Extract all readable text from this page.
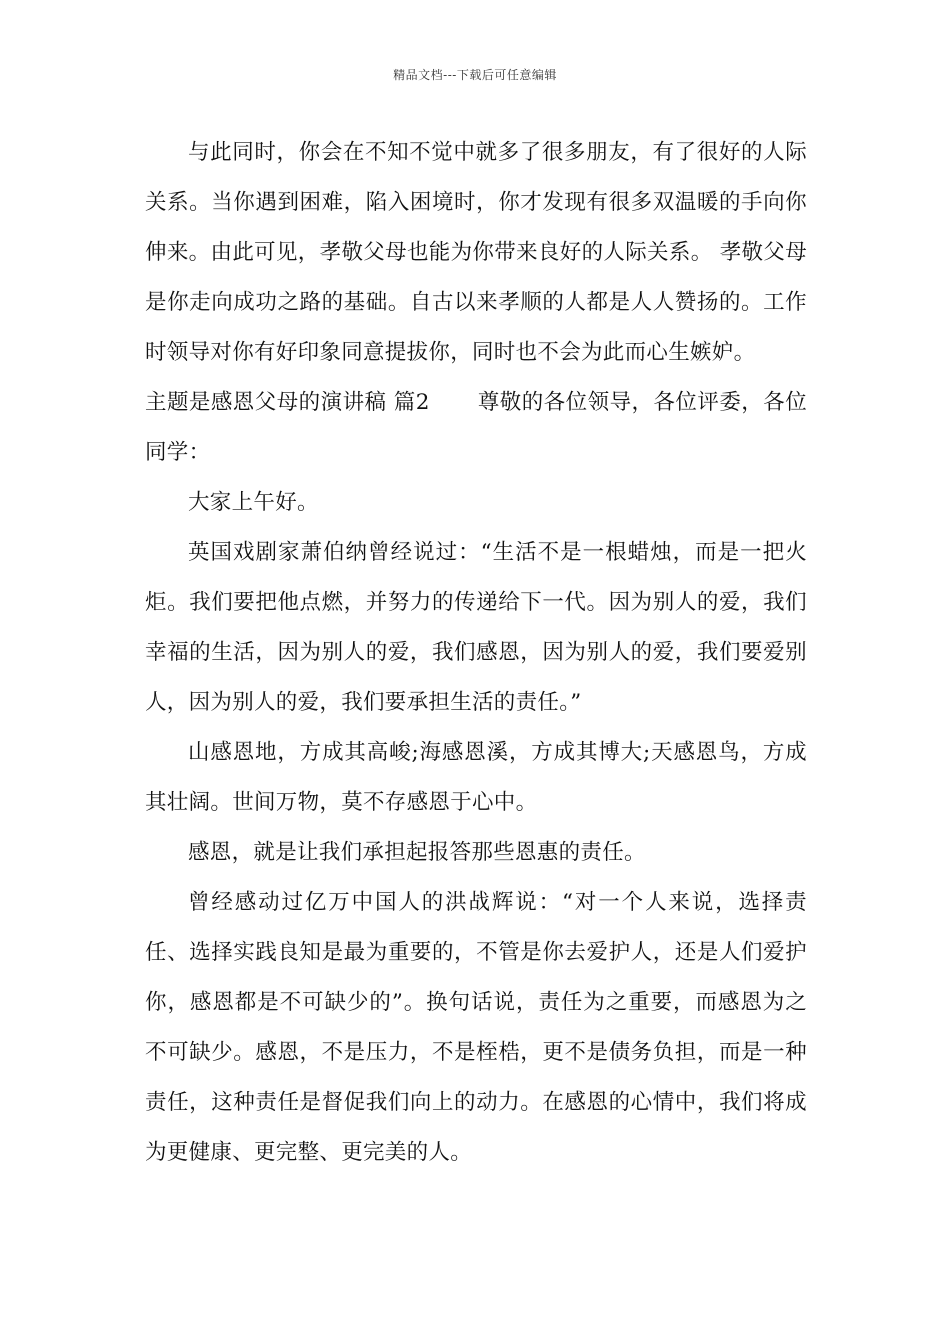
精品文档---下载后可任意编辑

与此同时，你会在不知不觉中就多了很多朋友，有了很好的人际关系。当你遇到困难，陷入困境时，你才发现有很多双温暖的手向你伸来。由此可见，孝敬父母也能为你带来良好的人际关系。 孝敬父母是你走向成功之路的基础。自古以来孝顺的人都是人人赞扬的。工作时领导对你有好印象同意提拔你，同时也不会为此而心生嫉妒。

主题是感恩父母的演讲稿 篇2 尊敬的各位领导，各位评委，各位同学：

大家上午好。

英国戏剧家萧伯纳曾经说过：“生活不是一根蜡烛，而是一把火炬。我们要把他点燃，并努力的传递给下一代。因为别人的爱，我们幸福的生活，因为别人的爱，我们感恩，因为别人的爱，我们要爱别人，因为别人的爱，我们要承担生活的责任。”

山感恩地，方成其高峻;海感恩溪，方成其博大;天感恩鸟，方成其壮阔。世间万物，莫不存感恩于心中。

感恩，就是让我们承担起报答那些恩惠的责任。

曾经感动过亿万中国人的洪战辉说：“对一个人来说，选择责任、选择实践良知是最为重要的，不管是你去爱护人，还是人们爱护你，感恩都是不可缺少的”。换句话说，责任为之重要，而感恩为之不可缺少。感恩，不是压力，不是桎梏，更不是债务负担，而是一种责任，这种责任是督促我们向上的动力。在感恩的心情中，我们将成为更健康、更完整、更完美的人。
